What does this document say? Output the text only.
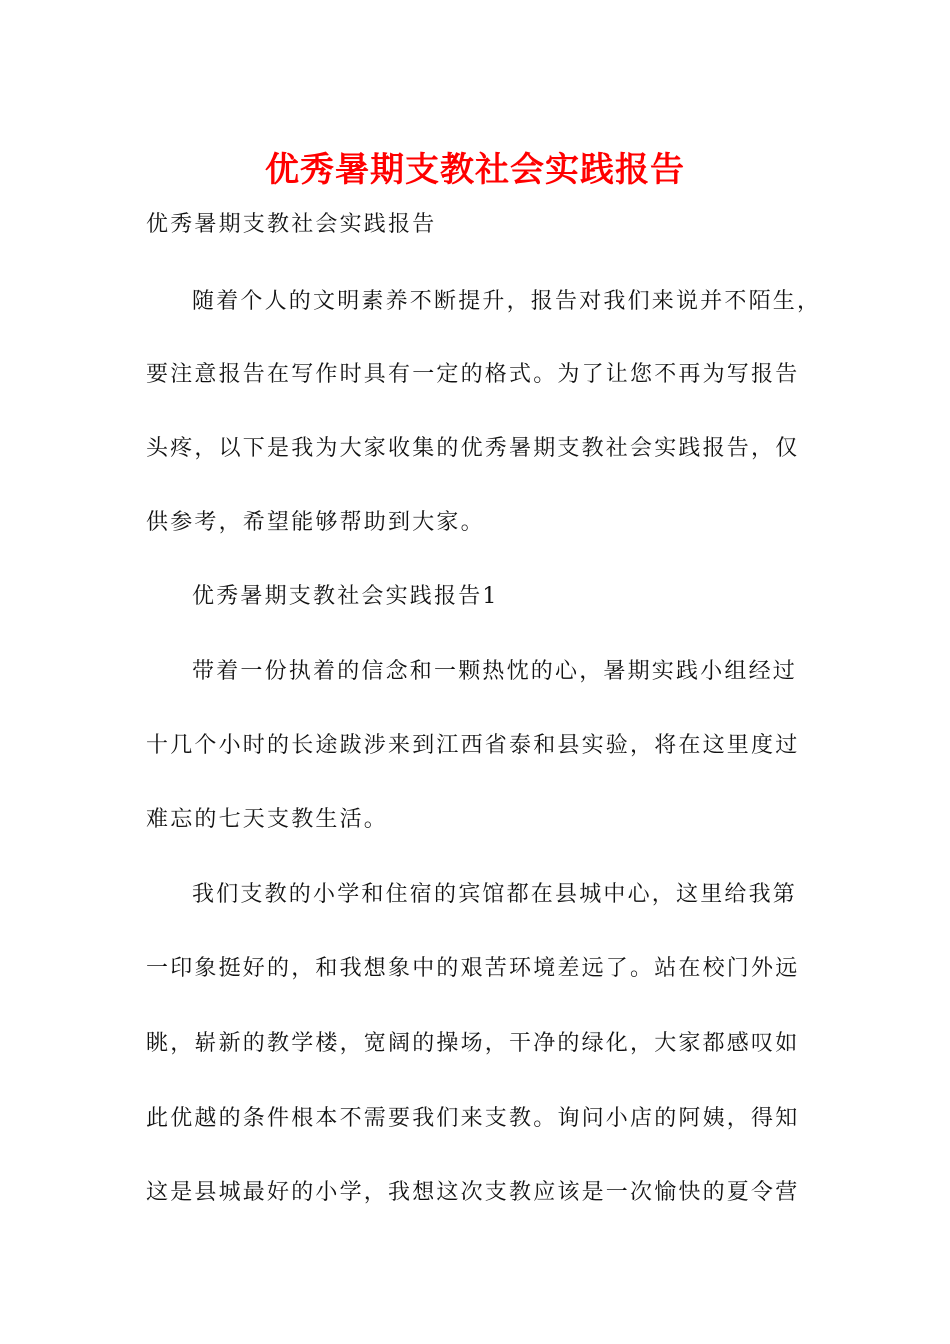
优秀暑期支教社会实践报告
优秀暑期支教社会实践报告
随着个人的文明素养不断提升，报告对我们来说并不陌生，
要注意报告在写作时具有一定的格式。为了让您不再为写报告
头疼，以下是我为大家收集的优秀暑期支教社会实践报告，仅
供参考，希望能够帮助到大家。
优秀暑期支教社会实践报告1
带着一份执着的信念和一颗热忱的心，暑期实践小组经过
十几个小时的长途跋涉来到江西省泰和县实验，将在这里度过
难忘的七天支教生活。
我们支教的小学和住宿的宾馆都在县城中心，这里给我第
一印象挺好的，和我想象中的艰苦环境差远了。站在校门外远
眺，崭新的教学楼，宽阔的操场，干净的绿化，大家都感叹如
此优越的条件根本不需要我们来支教。询问小店的阿姨，得知
这是县城最好的小学，我想这次支教应该是一次愉快的夏令营
